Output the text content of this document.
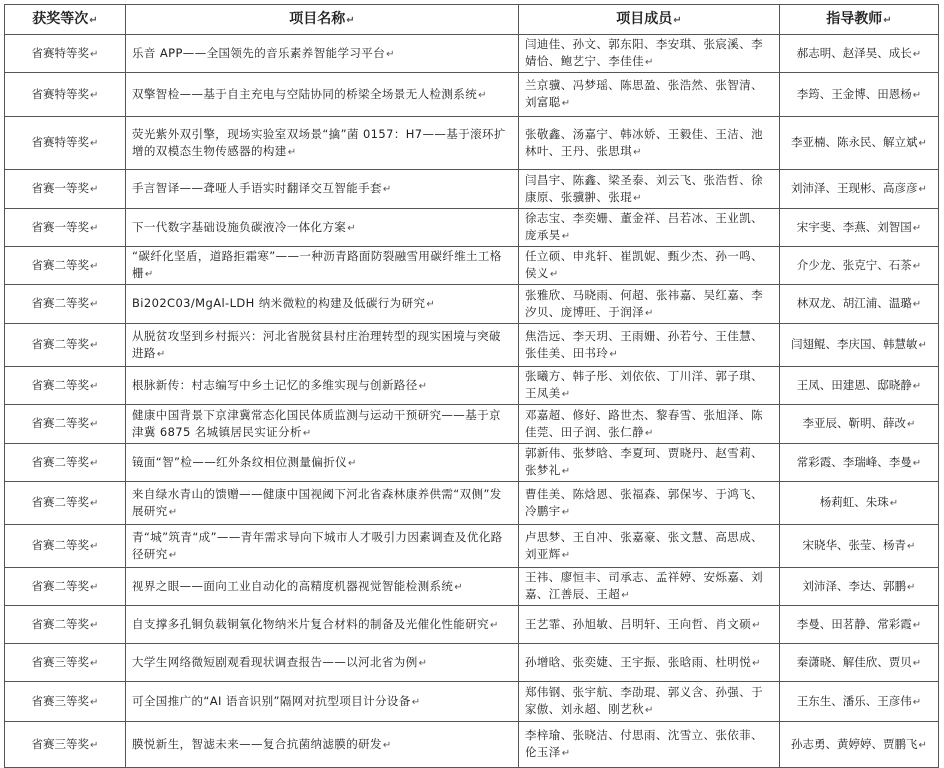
获奖等次↵	项目名称↵	项目成员↵	指导教师↵
省赛特等奖↵	乐音 APP——全国领先的音乐素养智能学习平台↵	闫迪佳、孙文、郭东阳、李安琪、张宸溪、李婧恰、鲍艺宁、李佳佳↵	郝志明、赵泽昊、成长↵
省赛特等奖↵	双擎智检——基于自主充电与空陆协同的桥梁全场景无人检测系统↵	兰京骥、冯梦瑶、陈思盈、张浩然、张智清、刘富聪↵	李筠、王金博、田恩杨↵
省赛特等奖↵	荧光紫外双引擎，现场实验室双场景“擒”菌 0157：H7——基于滚环扩增的双模态生物传感器的构建↵	张敬鑫、汤嘉宁、韩冰娇、王毅佳、王洁、池林叶、王丹、张思琪↵	李亚楠、陈永民、解立斌↵
省赛一等奖↵	手言智译——聋哑人手语实时翻译交互智能手套↵	闫昌宇、陈鑫、梁圣泰、刘云飞、张浩哲、徐康原、张骥翀、张琨↵	刘沛泽、王现彬、高彦彦↵
省赛一等奖↵	下一代数字基础设施负碳液冷一体化方案↵	徐志宝、李奕姗、董金祥、吕若冰、王业凯、庞承昊↵	宋宇斐、李燕、刘智国↵
省赛二等奖↵	“碳纤化坚盾，道路拒霜寒”——一种沥青路面防裂融雪用碳纤维土工格栅↵	任立硕、申兆轩、崔凯妮、甄少杰、孙一鸣、侯义↵	介少龙、张克宁、石茶↵
省赛二等奖↵	Bi202C03/MgAl-LDH 纳米微粒的构建及低碳行为研究↵	张雅欣、马晓雨、何超、张祎嘉、吴红嘉、李汐贝、庞博旺、于润泽↵	林双龙、胡江浦、温璐↵
省赛二等奖↵	从脱贫攻坚到乡村振兴：河北省脱贫县村庄治理转型的现实困境与突破进路↵	焦浩远、李天玥、王雨姗、孙若兮、王佳慧、张佳美、田书玲↵	闫翅鲲、李庆国、韩慧敏↵
省赛二等奖↵	根脉新传：村志编写中乡土记忆的多维实现与创新路径↵	张曦方、韩子彤、刘依依、丁川洋、郭子琪、王凤美↵	王凤、田建恩、邸晓静↵
省赛二等奖↵	健康中国背景下京津冀常态化国民体质监测与运动干预研究——基于京津冀 6875 名城镇居民实证分析↵	邓嘉超、修好、路世杰、黎春雪、张旭泽、陈佳莞、田子润、张仁静↵	李亚辰、靳明、薛改↵
省赛二等奖↵	镜面“智”检——红外条纹相位测量偏折仪↵	郭新伟、张梦晗、李夏珂、贾晓丹、赵雪莉、张梦礼↵	常彩霞、李瑞峰、李曼↵
省赛二等奖↵	来自绿水青山的馈赠——健康中国视阈下河北省森林康养供需“双侧”发展研究↵	曹佳美、陈焓恩、张福森、郭保岑、于鸿飞、冷鹏宇↵	杨莉虹、朱珠↵
省赛二等奖↵	青“城”筑青“成”——青年需求导向下城市人才吸引力因素调查及优化路径研究↵	卢思梦、王自冲、张嘉豪、张文慧、高思成、刘亚辉↵	宋晓华、张莹、杨青↵
省赛二等奖↵	视界之眼——面向工业自动化的高精度机器视觉智能检测系统↵	王祎、廖恒丰、司承志、孟祥婷、安烁嘉、刘嘉、江善辰、王超↵	刘沛泽、李达、郭鹏↵
省赛二等奖↵	自支撑多孔铜负载铜氧化物纳米片复合材料的制备及光催化性能研究↵	王艺霏、孙旭敏、吕明轩、王向哲、肖文硕↵	李曼、田茗静、常彩霞↵
省赛三等奖↵	大学生网络微短剧观看现状调查报告——以河北省为例↵	孙增晗、张奕婕、王宇振、张晗雨、杜明悦↵	秦潇晓、解佳欣、贾贝↵
省赛三等奖↵	可全国推广的“AI 语音识别”隔网对抗型项目计分设备↵	郑伟钢、张宇航、李劭琨、郭义含、孙强、于家傲、刘永超、刚艺秋↵	王东生、潘乐、王彦伟↵
省赛三等奖↵	膜悦新生，智滤未来——复合抗菌纳滤膜的研发↵	李梓瑜、张晓洁、付思雨、沈雪立、张依菲、伦玉泽↵	孙志勇、黄婷婷、贾鹏飞↵
